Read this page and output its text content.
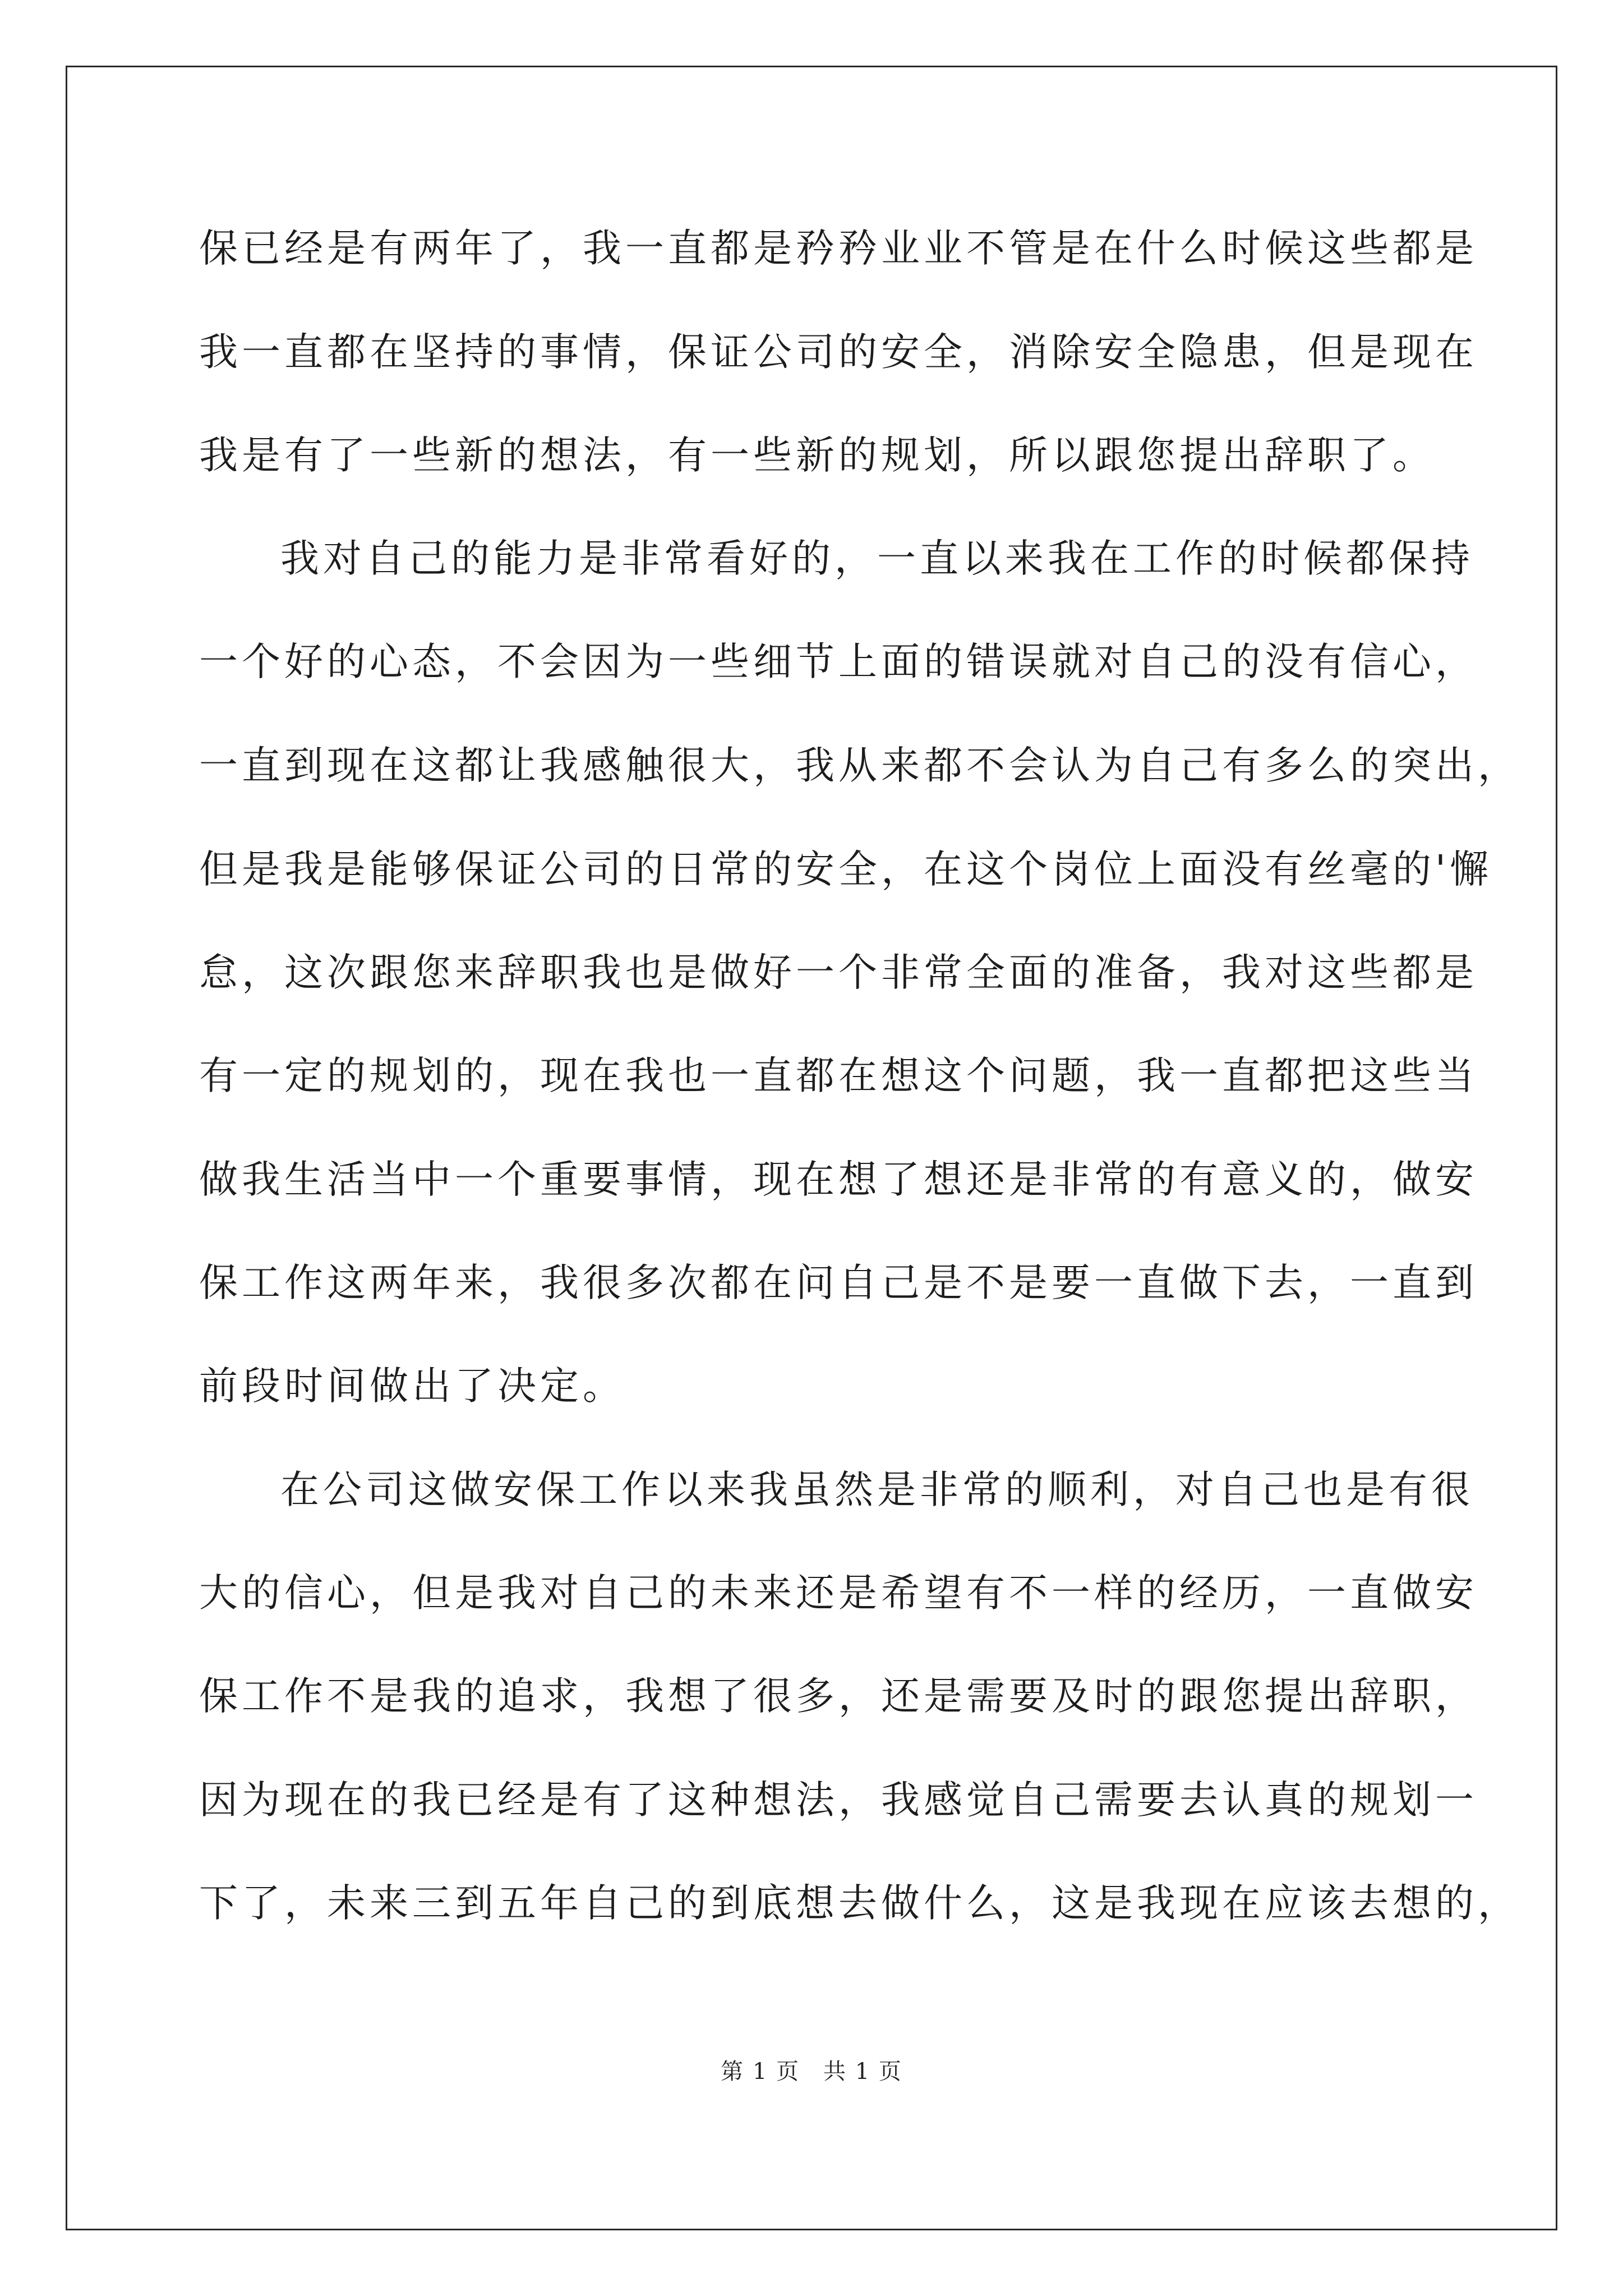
保已经是有两年了，我一直都是矜矜业业不管是在什么时候这些都是
我一直都在坚持的事情，保证公司的安全，消除安全隐患，但是现在
我是有了一些新的想法，有一些新的规划，所以跟您提出辞职了。
我对自己的能力是非常看好的，一直以来我在工作的时候都保持
一个好的心态，不会因为一些细节上面的错误就对自己的没有信心，
一直到现在这都让我感触很大，我从来都不会认为自己有多么的突出，
但是我是能够保证公司的日常的安全，在这个岗位上面没有丝毫的'懈
怠，这次跟您来辞职我也是做好一个非常全面的准备，我对这些都是
有一定的规划的，现在我也一直都在想这个问题，我一直都把这些当
做我生活当中一个重要事情，现在想了想还是非常的有意义的，做安
保工作这两年来，我很多次都在问自己是不是要一直做下去，一直到
前段时间做出了决定。
在公司这做安保工作以来我虽然是非常的顺利，对自己也是有很
大的信心，但是我对自己的未来还是希望有不一样的经历，一直做安
保工作不是我的追求，我想了很多，还是需要及时的跟您提出辞职，
因为现在的我已经是有了这种想法，我感觉自己需要去认真的规划一
下了，未来三到五年自己的到底想去做什么，这是我现在应该去想的，
第 1 页　共 1 页
